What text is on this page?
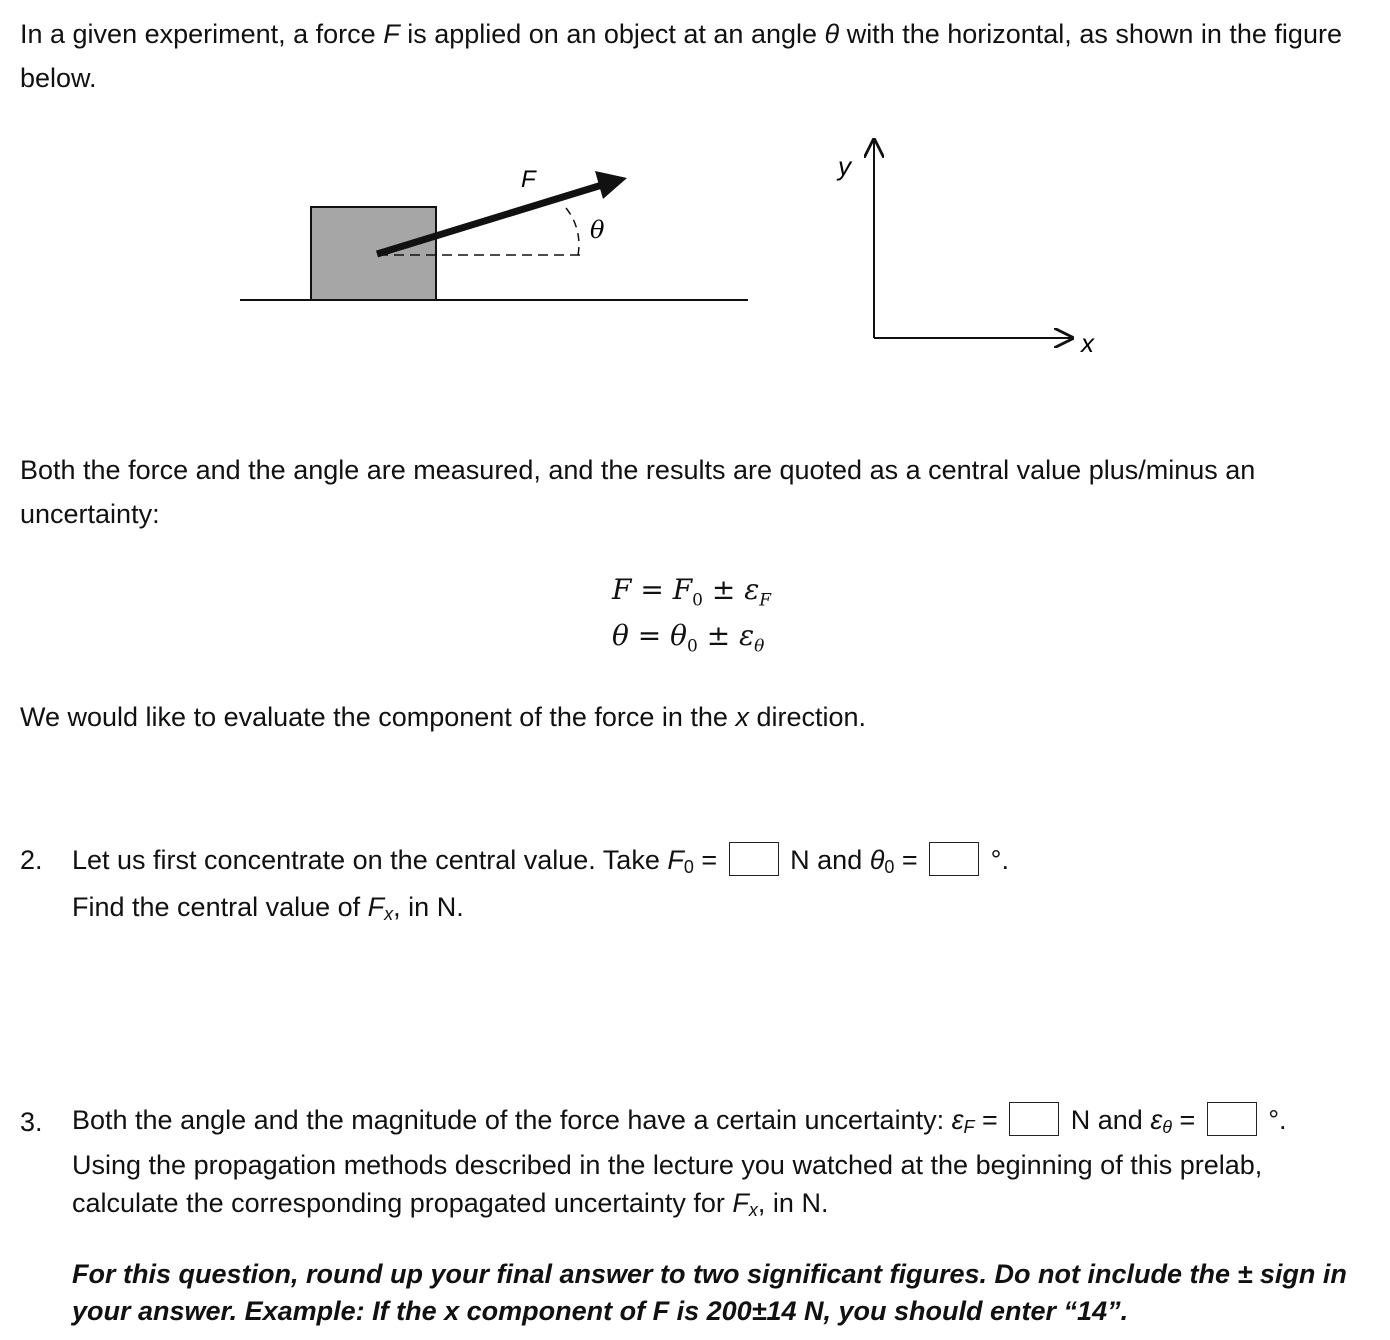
In a given experiment, a force F is applied on an object at an angle θ with the horizontal, as shown in the figure below.

F
θ
y
x

Both the force and the angle are measured, and the results are quoted as a central value plus/minus an uncertainty:

$F = F_0 \pm \varepsilon_F$
$\theta = \theta_0 \pm \varepsilon_\theta$

We would like to evaluate the component of the force in the x direction.

2. Let us first concentrate on the central value. Take $F_0 = N$ and $\theta_0$ =  °.
Find the central value of $F_x$, in N.
3. Both the angle and the magnitude of the force have a certain uncertainty: $\varepsilon_F = N$ and $\varepsilon_\theta$ =  °.
Using the propagation methods described in the lecture you watched at the beginning of this prelab, calculate the corresponding propagated uncertainty for $F_x$, in N.
For this question, round up your final answer to two significant figures. Do not include the ± sign in your answer. Example: If the x component of F is 200±14 N, you should enter “14”.
